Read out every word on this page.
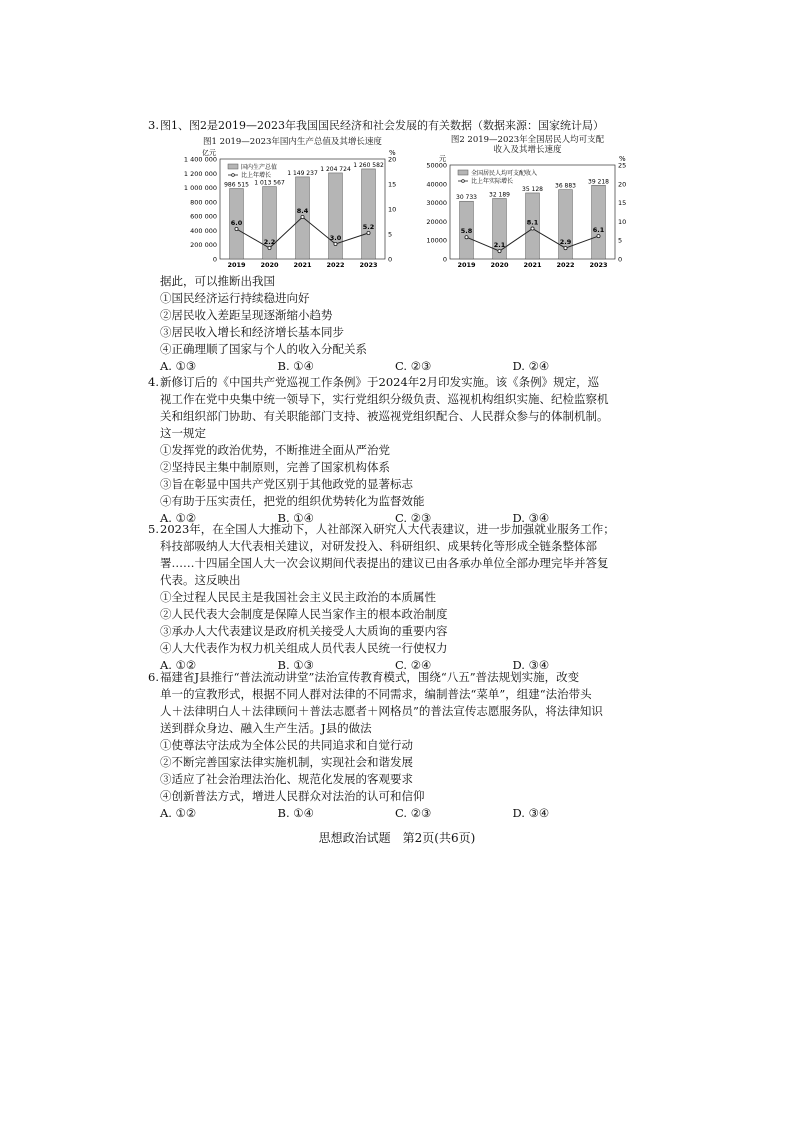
3. 图1、图2是2019—2023年我国国民经济和社会发展的有关数据（数据来源：国家统计局）
图1 2019—2023年国内生产总值及其增长速度
亿元	%
0
200 000
400 000
600 000
800 000
1 000 000
1 200 000
1 400 000
0
5
10
15
20
986 515
2019
1 013 567
2020
1 149 237
2021
1 204 724
2022
1 260 582
2023
6.0
2.2
8.4
3.0
5.2
国内生产总值
比上年增长
图2 2019—2023年全国居民人均可支配收入及其增长速度
元	%
0
10000
20000
30000
40000
50000
0
5
10
15
20
25
30 733
2019
32 189
2020
35 128
2021
36 883
2022
39 218
2023
5.8
2.1
8.1
2.9
6.1
全国居民人均可支配收入
比上年实际增长
据此，可以推断出我国
①国民经济运行持续稳进向好
②居民收入差距呈现逐渐缩小趋势
③居民收入增长和经济增长基本同步
④正确理顺了国家与个人的收入分配关系
A. ①③	B. ①④	C. ②③	D. ②④
4. 新修订后的《中国共产党巡视工作条例》于2024年2月印发实施。该《条例》规定，巡
视工作在党中央集中统一领导下，实行党组织分级负责、巡视机构组织实施、纪检监察机
关和组织部门协助、有关职能部门支持、被巡视党组织配合、人民群众参与的体制机制。
这一规定
①发挥党的政治优势，不断推进全面从严治党
②坚持民主集中制原则，完善了国家机构体系
③旨在彰显中国共产党区别于其他政党的显著标志
④有助于压实责任，把党的组织优势转化为监督效能
A. ①②	B. ①④	C. ②③	D. ③④
5. 2023年，在全国人大推动下，人社部深入研究人大代表建议，进一步加强就业服务工作；
科技部吸纳人大代表相关建议，对研发投入、科研组织、成果转化等形成全链条整体部
署……十四届全国人大一次会议期间代表提出的建议已由各承办单位全部办理完毕并答复
代表。这反映出
①全过程人民民主是我国社会主义民主政治的本质属性
②人民代表大会制度是保障人民当家作主的根本政治制度
③承办人大代表建议是政府机关接受人大质询的重要内容
④人大代表作为权力机关组成人员代表人民统一行使权力
A. ①②	B. ①③	C. ②④	D. ③④
6. 福建省J县推行“普法流动讲堂”法治宣传教育模式，围绕“八五”普法规划实施，改变
单一的宣教形式，根据不同人群对法律的不同需求，编制普法“菜单”，组建“法治带头
人＋法律明白人＋法律顾问＋普法志愿者＋网格员”的普法宣传志愿服务队，将法律知识
送到群众身边、融入生产生活。J县的做法
①使尊法守法成为全体公民的共同追求和自觉行动
②不断完善国家法律实施机制，实现社会和谐发展
③适应了社会治理法治化、规范化发展的客观要求
④创新普法方式，增进人民群众对法治的认可和信仰
A. ①②	B. ①④	C. ②③	D. ③④
思想政治试题　第2页(共6页)
